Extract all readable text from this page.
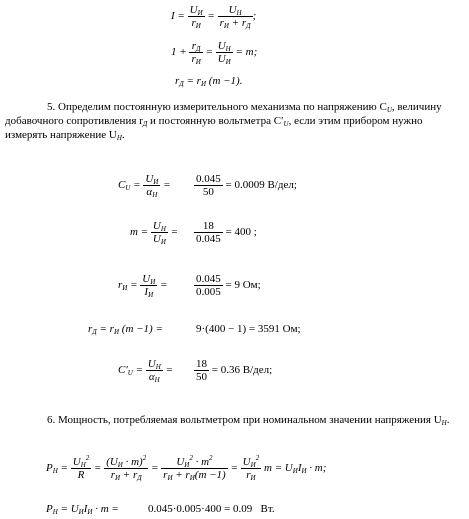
$I = \frac{U_И}{r_И} = \frac{U_Н}{r_И + r_Д}$ ;
$1 + \frac{r_Д}{r_И} = \frac{U_Н}{U_И} = m$;
$r_Д = r_И$ (m −1).
5. Определим постоянную измерительного механизма по напряжению $C_U$, величину добавочного сопротивления $r_Д$ и постоянную вольтметра $C'_U$, если этим прибором нужно измерять напряжение $U_Н$.
$C_U = \frac{U_И}{\alpha_Н} = \frac{0.045}{50} = 0.0009$ В/дел;
$m = \frac{U_Н}{U_И} = \frac{18}{0.045} = 400$ ;
$r_И = \frac{U_И}{I_И} = \frac{0.045}{0.005} = 9$ Ом;
$r_Д = r_И$ (m −1) =	9·(400 − 1) = 3591 Ом;
$C'_U = \frac{U_Н}{\alpha_Н} = \frac{18}{50} = 0.36$ В/дел;
6. Мощность, потребляемая вольтметром при номинальном значении напряжения $U_Н$.
$P_Н = \frac{U_Н^2}{R} = \frac{(U_И \cdot m)^2}{r_И + r_Д} = \frac{U_И^2 \cdot m^2}{r_И + r_И(m -1)} = \frac{U_И^2}{r_И}$ $m = U_ИI_И \cdot m$;
$P_Н = U_ИI_И \cdot m$ =	0.045·0.005·400 = 0.09 Вт.
